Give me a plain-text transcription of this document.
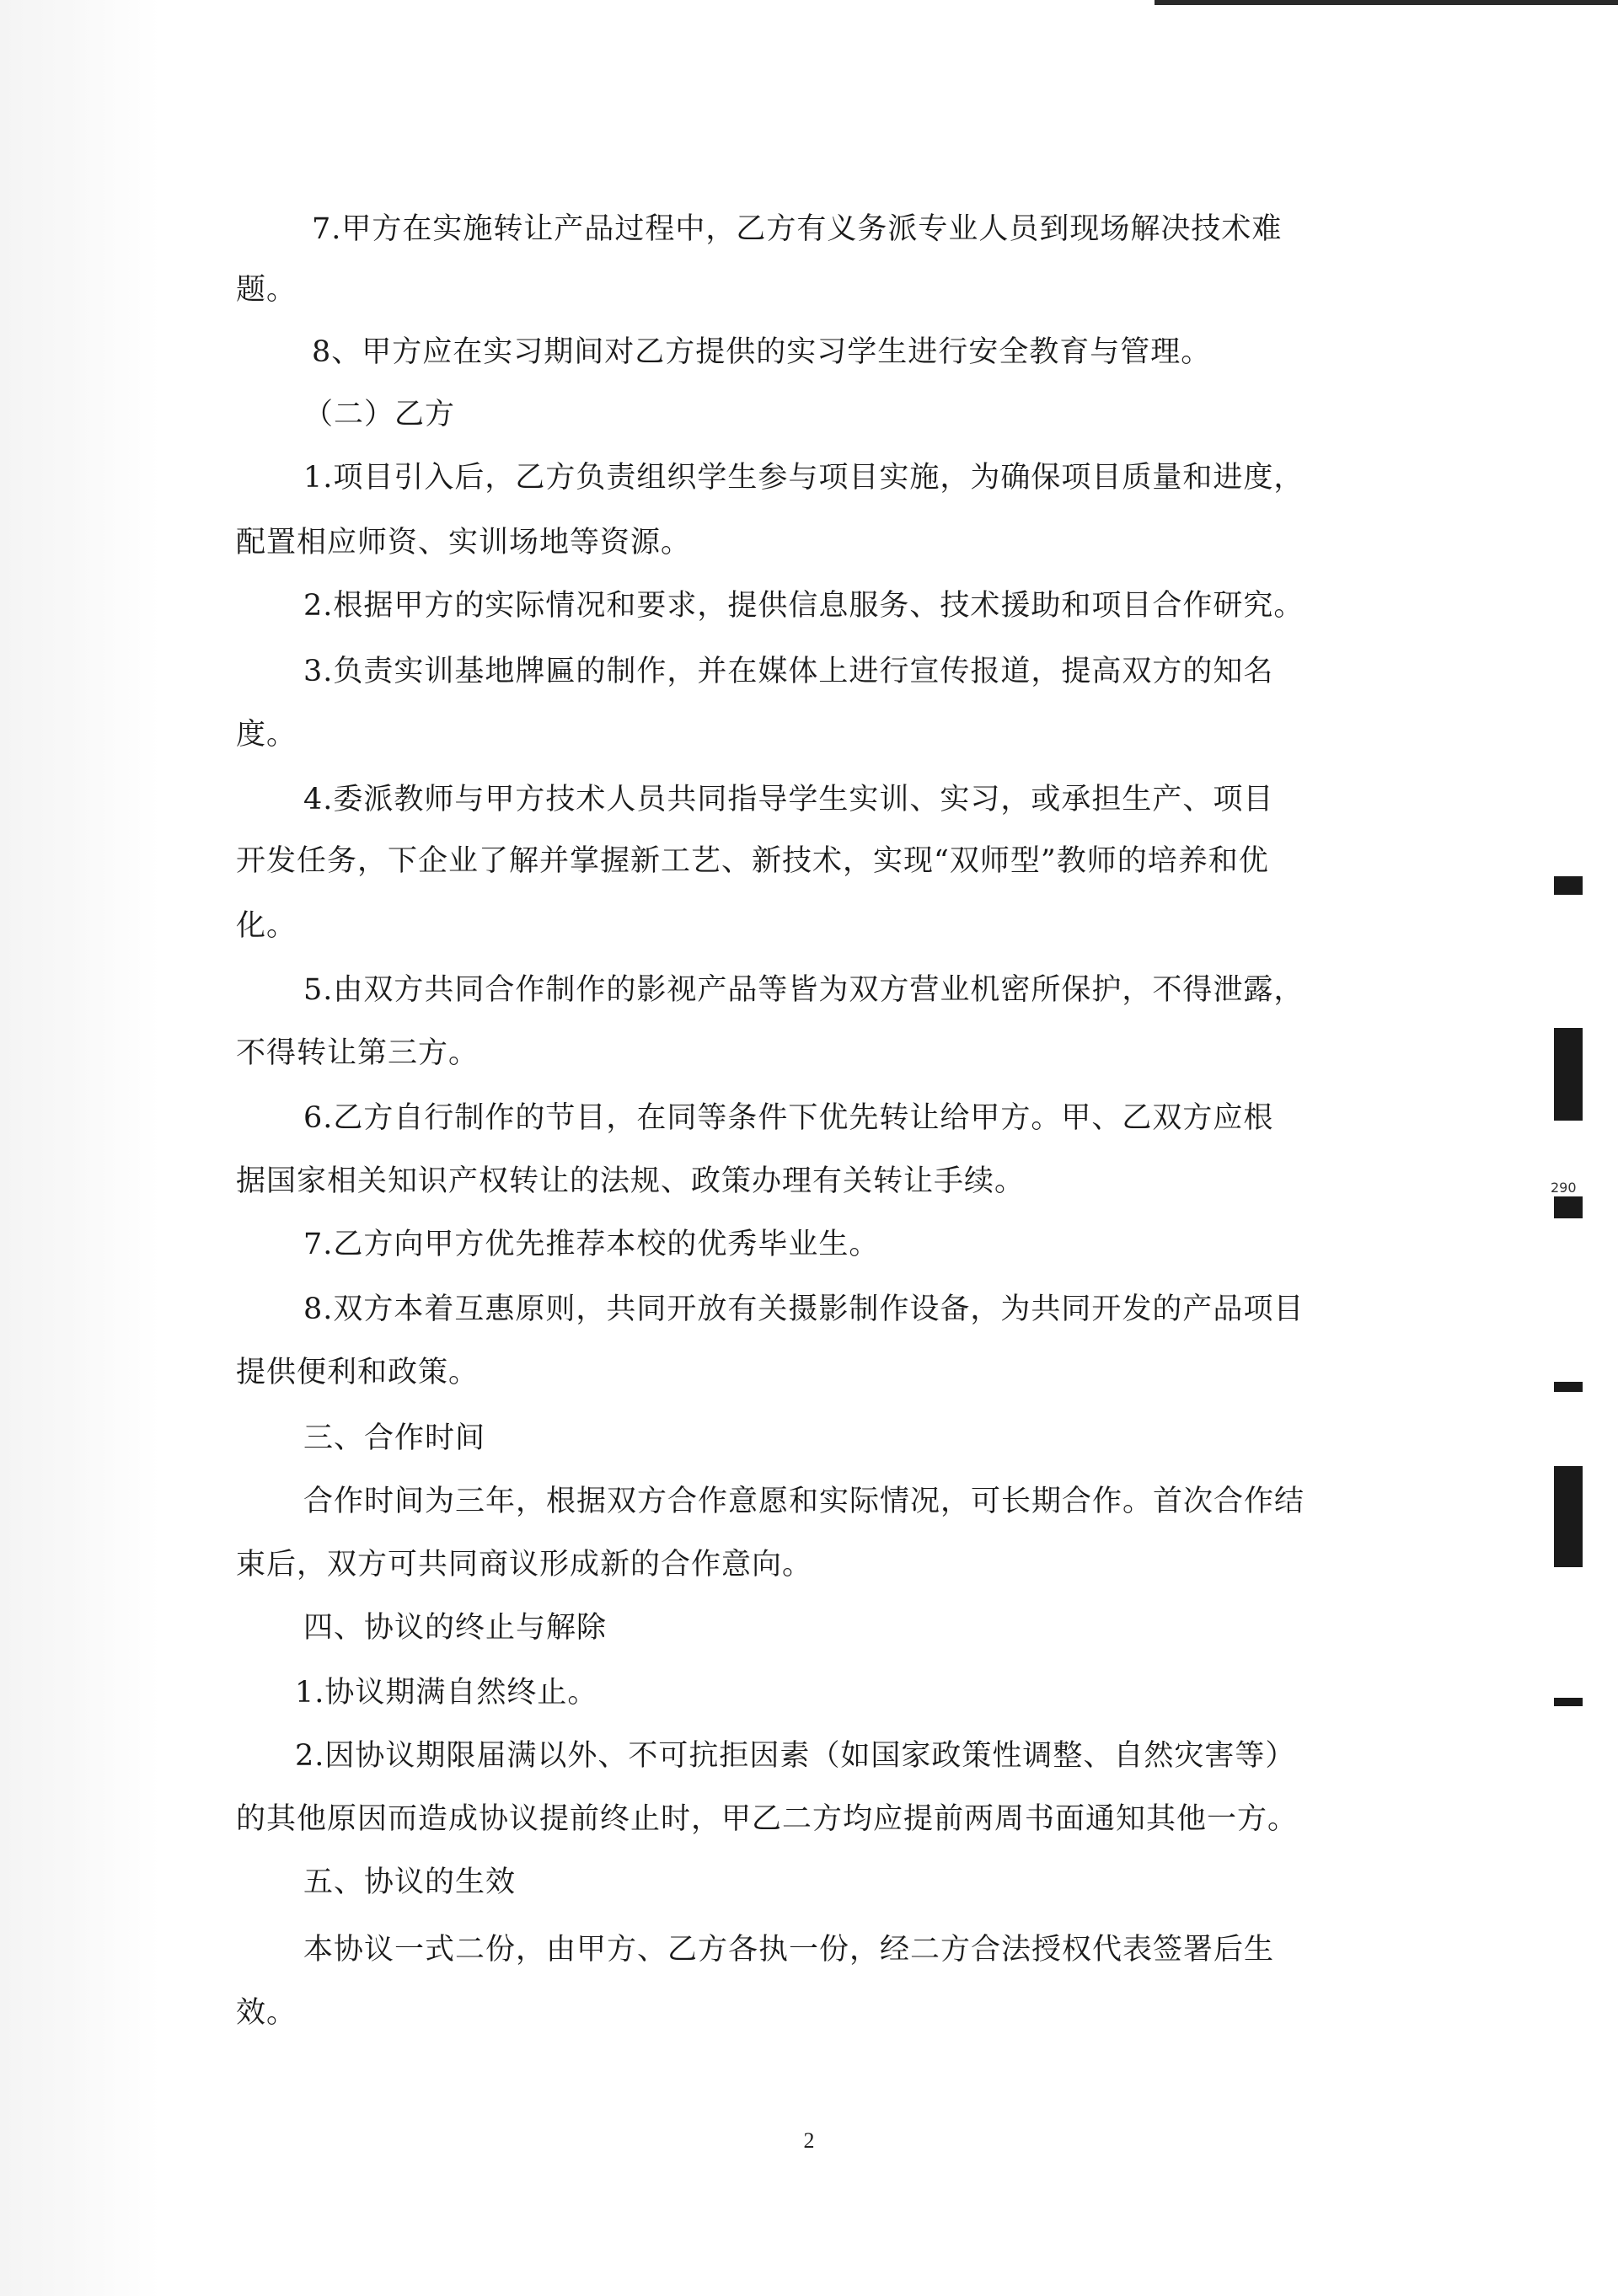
290
7.甲方在实施转让产品过程中，乙方有义务派专业人员到现场解决技术难
题。
8、甲方应在实习期间对乙方提供的实习学生进行安全教育与管理。
（二）乙方
1.项目引入后，乙方负责组织学生参与项目实施，为确保项目质量和进度，
配置相应师资、实训场地等资源。
2.根据甲方的实际情况和要求，提供信息服务、技术援助和项目合作研究。
3.负责实训基地牌匾的制作，并在媒体上进行宣传报道，提高双方的知名
度。
4.委派教师与甲方技术人员共同指导学生实训、实习，或承担生产、项目
开发任务，下企业了解并掌握新工艺、新技术，实现“双师型”教师的培养和优
化。
5.由双方共同合作制作的影视产品等皆为双方营业机密所保护，不得泄露，
不得转让第三方。
6.乙方自行制作的节目，在同等条件下优先转让给甲方。甲、乙双方应根
据国家相关知识产权转让的法规、政策办理有关转让手续。
7.乙方向甲方优先推荐本校的优秀毕业生。
8.双方本着互惠原则，共同开放有关摄影制作设备，为共同开发的产品项目
提供便利和政策。
三、合作时间
合作时间为三年，根据双方合作意愿和实际情况，可长期合作。首次合作结
束后，双方可共同商议形成新的合作意向。
四、协议的终止与解除
1.协议期满自然终止。
2.因协议期限届满以外、不可抗拒因素（如国家政策性调整、自然灾害等）
的其他原因而造成协议提前终止时，甲乙二方均应提前两周书面通知其他一方。
五、协议的生效
本协议一式二份，由甲方、乙方各执一份，经二方合法授权代表签署后生
效。
2
